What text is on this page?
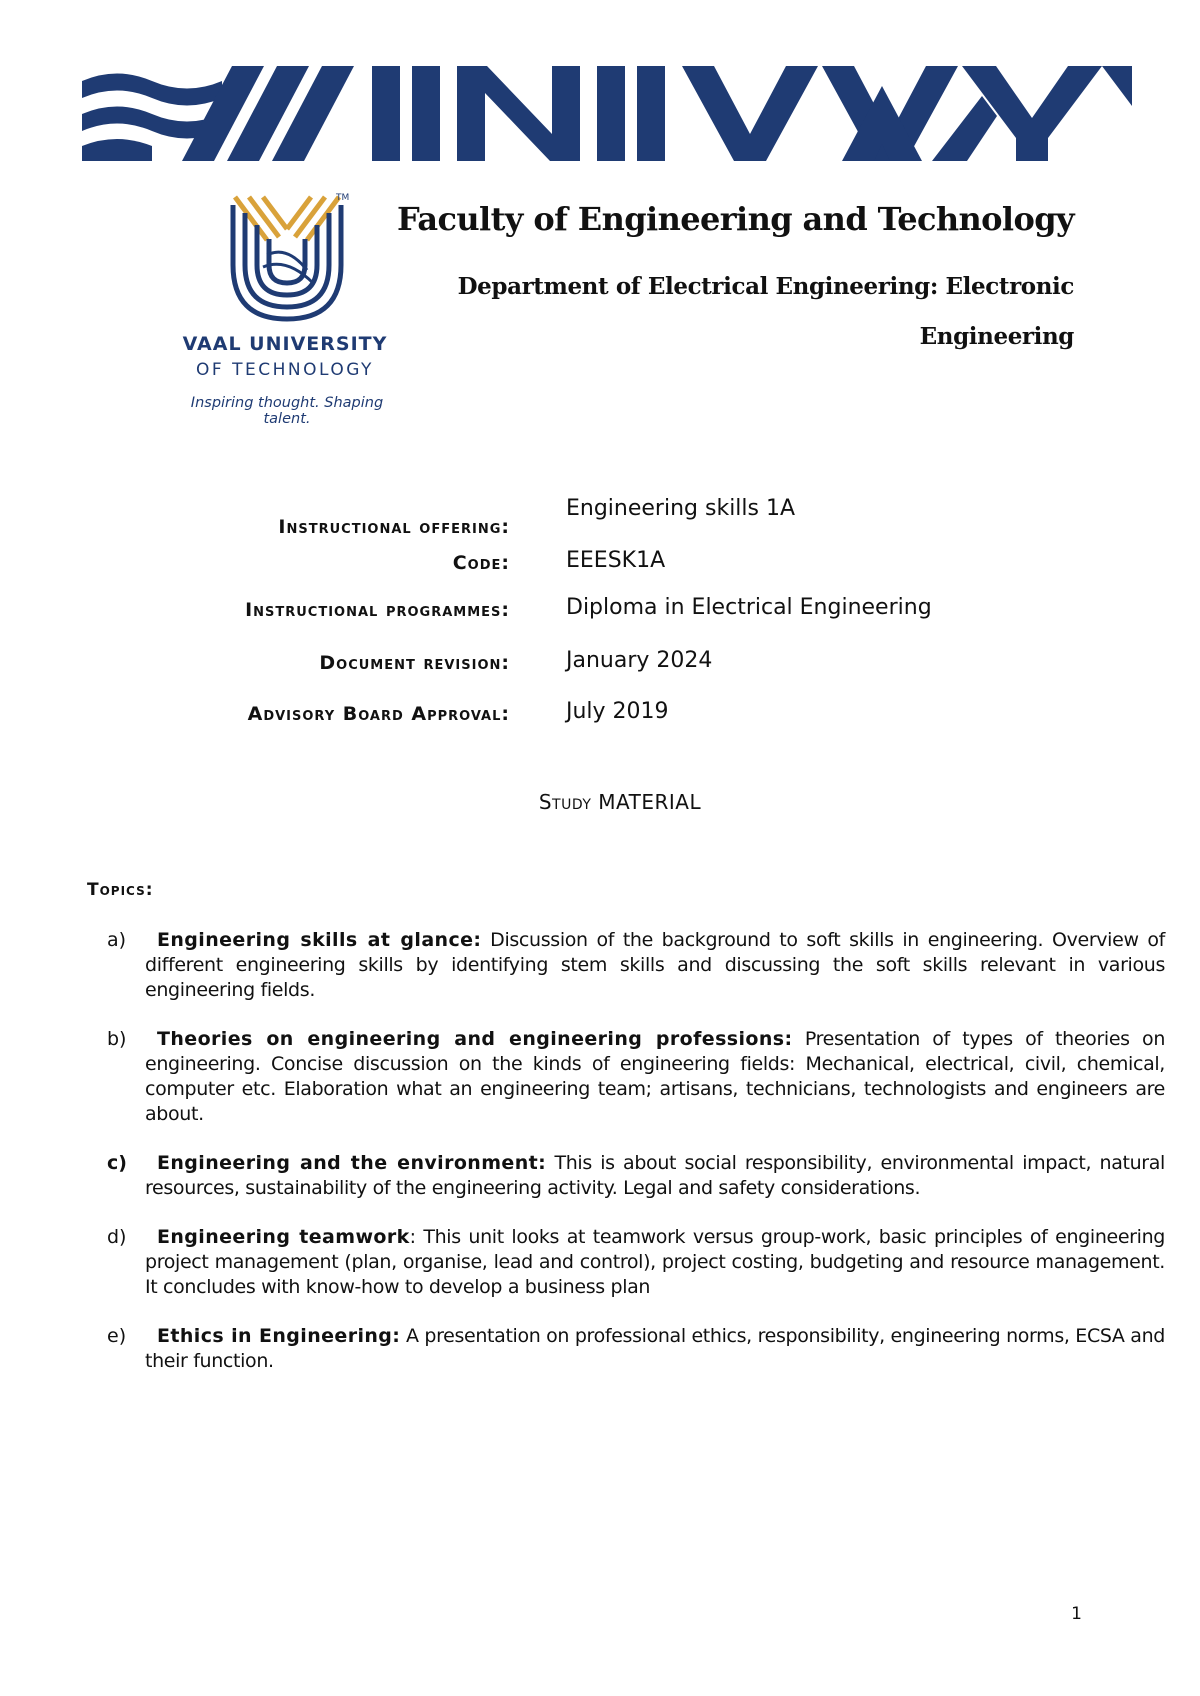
TM
VAAL UNIVERSITY
OF TECHNOLOGY
Inspiring thought. Shaping talent.
Faculty of Engineering and Technology
Department of Electrical Engineering: Electronic Engineering
Instructional offering:
Engineering skills 1A
Code:	EEESK1A
Instructional programmes:	Diploma in Electrical Engineering
Document revision:	January 2024
Advisory Board Approval:	July 2019
Study MATERIAL
Topics:
a)	Engineering skills at glance: Discussion of the background to soft skills in engineering. Overview of different engineering skills by identifying stem skills and discussing the soft skills relevant in various engineering fields.
b)	Theories on engineering and engineering professions: Presentation of types of theories on engineering. Concise discussion on the kinds of engineering fields: Mechanical, electrical, civil, chemical, computer etc. Elaboration what an engineering team; artisans, technicians, technologists and engineers are about.
c)	Engineering and the environment: This is about social responsibility, environmental impact, natural resources, sustainability of the engineering activity. Legal and safety considerations.
d)	Engineering teamwork: This unit looks at teamwork versus group-work, basic principles of engineering project management (plan, organise, lead and control), project costing, budgeting and resource management. It concludes with know-how to develop a business plan
e)	Ethics in Engineering: A presentation on professional ethics, responsibility, engineering norms, ECSA and their function.
1
